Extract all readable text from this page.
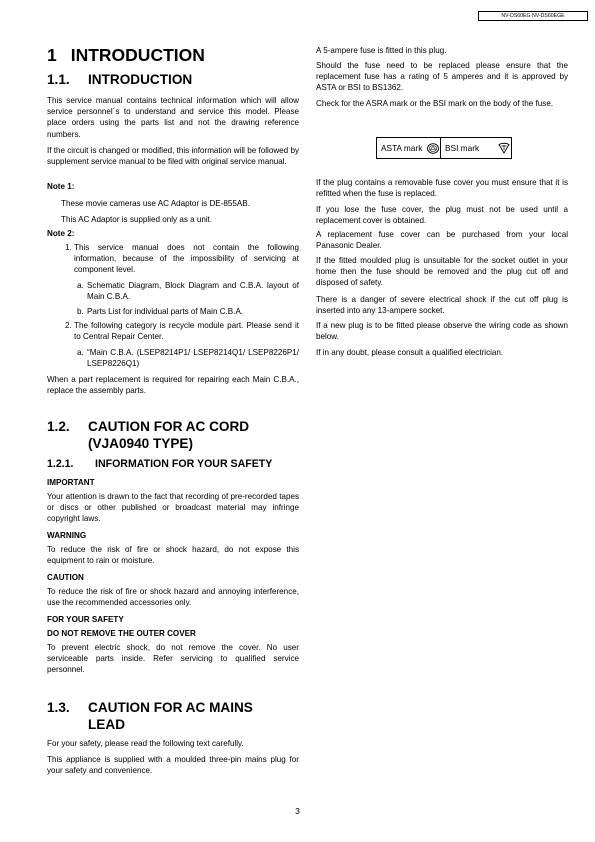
NV-DS60EG NV-DS60EGE
1 INTRODUCTION
1.1. INTRODUCTION

This service manual contains technical information which will allow service personnel´s to understand and service this model. Please place orders using the parts list and not the drawing reference numbers.

If the circuit is changed or modified, this information will be followed by supplement service manual to be filed with original service manual.

Note 1:

These movie cameras use AC Adaptor is DE-855AB.

This AC Adaptor is supplied only as a unit.

Note 2:

1. This service manual does not contain the following information, because of the impossibility of servicing at component level.

a. Schematic Diagram, Block Diagram and C.B.A. layout of Main C.B.A.

b. Parts List for individual parts of Main C.B.A.

2. The following category is recycle module part. Please send it to Central Repair Center.

a. “Main C.B.A. (LSEP8214P1/ LSEP8214Q1/ LSEP8226P1/ LSEP8226Q1)

When a part replacement is required for repairing each Main C.B.A., replace the assembly parts.

1.2. CAUTION FOR AC CORD
(VJA0940 TYPE)
1.2.1. INFORMATION FOR YOUR SAFETY

IMPORTANT

Your attention is drawn to the fact that recording of pre-recorded tapes or discs or other published or broadcast material may infringe copyright laws.

WARNING

To reduce the risk of fire or shock hazard, do not expose this equipment to rain or moisture.

CAUTION

To reduce the risk of fire or shock hazard and annoying interference, use the recommended accessories only.

FOR YOUR SAFETY

DO NOT REMOVE THE OUTER COVER

To prevent electric shock, do not remove the cover. No user serviceable parts inside. Refer servicing to qualified service personnel.

1.3. CAUTION FOR AC MAINS
LEAD

For your safety, please read the following text carefully.

This appliance is supplied with a moulded three-pin mains plug for your safety and convenience.

A 5-ampere fuse is fitted in this plug.

Should the fuse need to be replaced please ensure that the replacement fuse has a rating of 5 amperes and it is approved by ASTA or BSI to BS1362.

Check for the ASRA mark or the BSI mark on the body of the fuse.

ASTA mark	BSI mark

If the plug contains a removable fuse cover you must ensure that it is refitted when the fuse is replaced.

If you lose the fuse cover, the plug must not be used until a replacement cover is obtained.

A replacement fuse cover can be purchased from your local Panasonic Dealer.

If the fitted moulded plug is unsuitable for the socket outlet in your home then the fuse should be removed and the plug cut off and disposed of safety.

There is a danger of severe electrical shock if the cut off plug is inserted into any 13-ampere socket.

If a new plug is to be fitted please observe the wiring code as shown below.

If in any doubt, please consult a qualified electrician.

3
